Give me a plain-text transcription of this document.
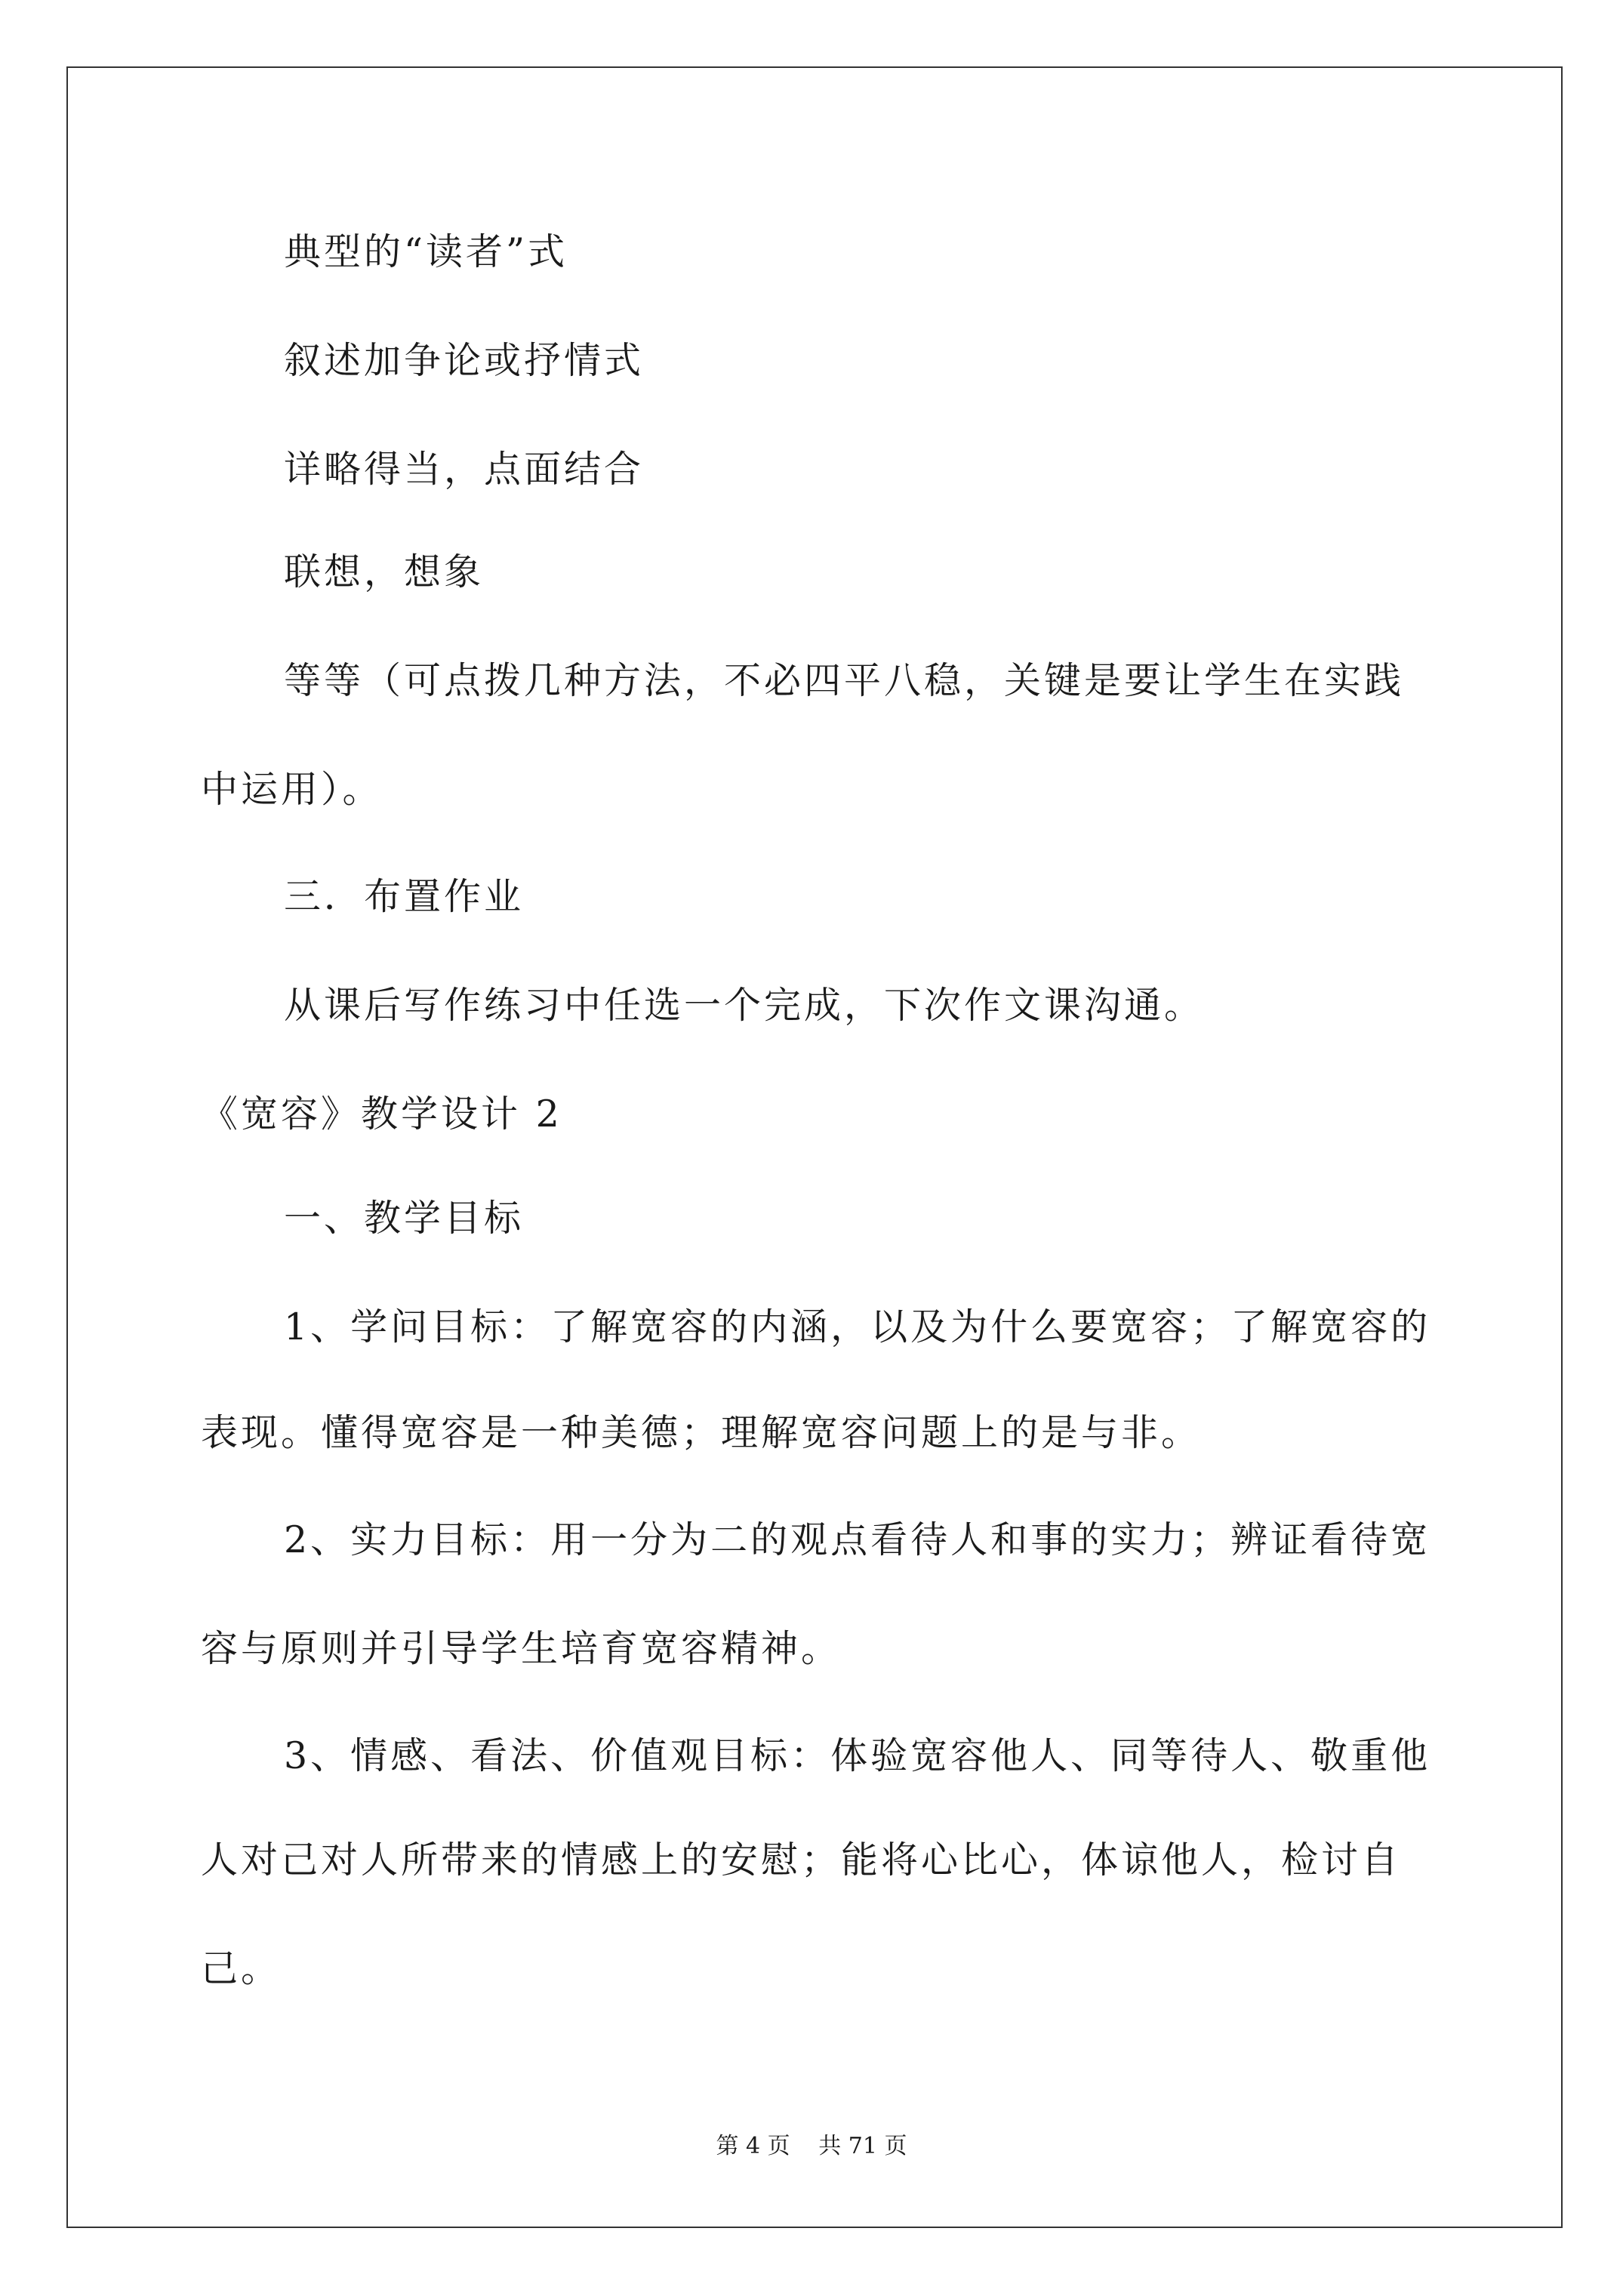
典型的“读者”式
叙述加争论或抒情式
详略得当，点面结合
联想，想象
等等（可点拨几种方法，不必四平八稳，关键是要让学生在实践
中运用）。
三．布置作业
从课后写作练习中任选一个完成，下次作文课沟通。
《宽容》教学设计 2
一、教学目标
1、学问目标：了解宽容的内涵，以及为什么要宽容；了解宽容的
表现。懂得宽容是一种美德；理解宽容问题上的是与非。
2、实力目标：用一分为二的观点看待人和事的实力；辨证看待宽
容与原则并引导学生培育宽容精神。
3、情感、看法、价值观目标：体验宽容他人、同等待人、敬重他
人对己对人所带来的情感上的安慰；能将心比心，体谅他人，检讨自
己。
第 4 页 共 71 页
